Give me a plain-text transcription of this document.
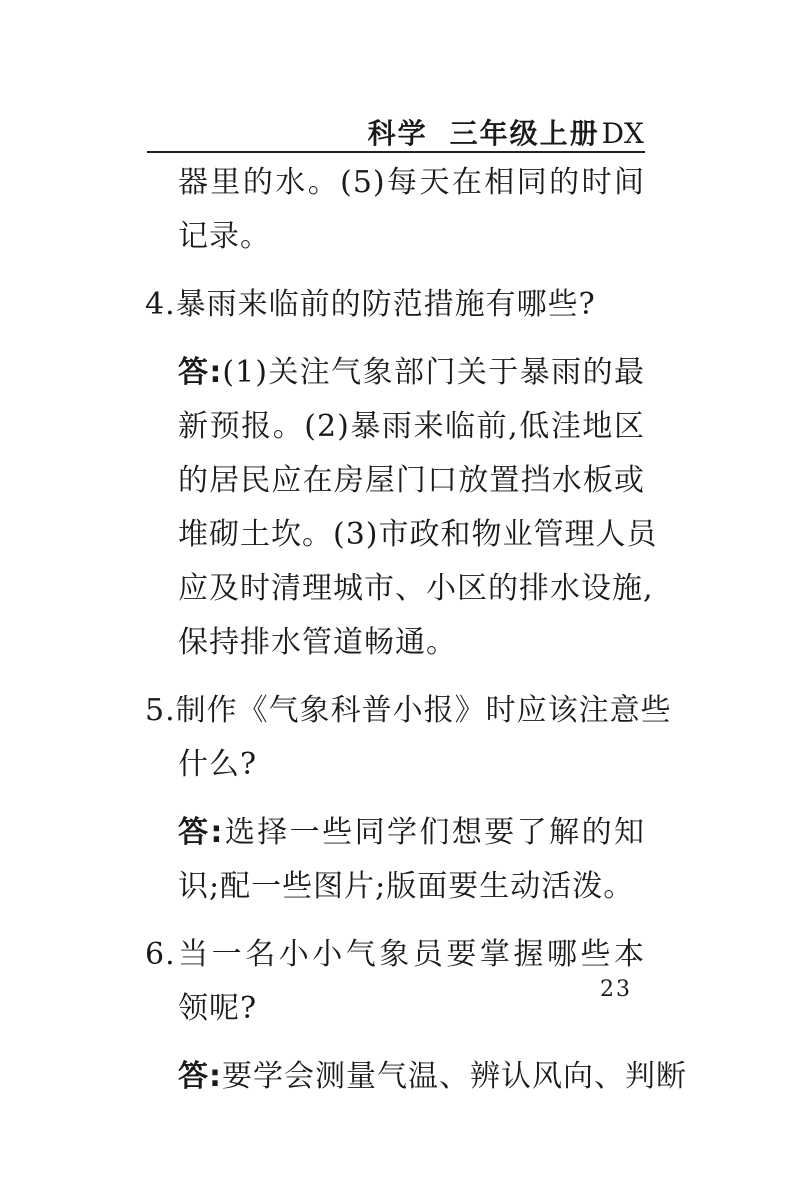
科学 三年级上册DX
器里的水。(5)每天在相同的时间
记录。
4.暴雨来临前的防范措施有哪些?
答:(1)关注气象部门关于暴雨的最
新预报。(2)暴雨来临前,低洼地区
的居民应在房屋门口放置挡水板或
堆砌土坎。(3)市政和物业管理人员
应及时清理城市、小区的排水设施,
保持排水管道畅通。
5.制作《气象科普小报》时应该注意些
什么?
答:选择一些同学们想要了解的知
识;配一些图片;版面要生动活泼。
6.当一名小小气象员要掌握哪些本
领呢?
答:要学会测量气温、辨认风向、判断
23
